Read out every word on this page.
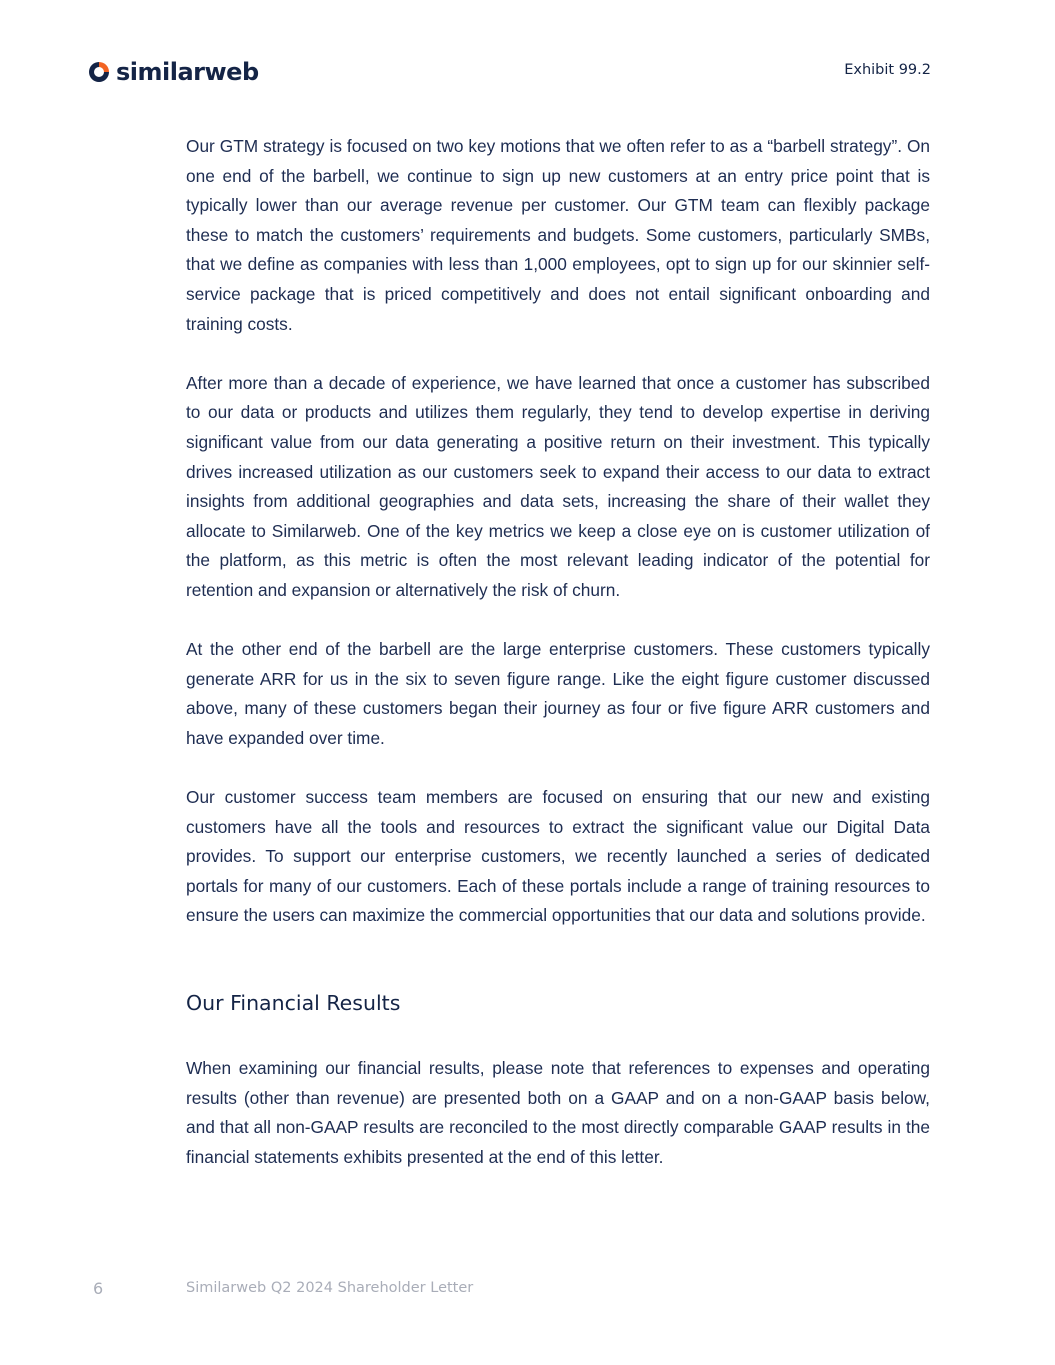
similarweb	Exhibit 99.2

Our GTM strategy is focused on two key motions that we often refer to as a “barbell strategy”. On one end of the barbell, we continue to sign up new customers at an entry price point that is typically lower than our average revenue per customer. Our GTM team can flexibly package these to match the customers’ requirements and budgets. Some customers, particularly SMBs, that we define as companies with less than 1,000 employees, opt to sign up for our skinnier self-service package that is priced competitively and does not entail significant onboarding and training costs.

After more than a decade of experience, we have learned that once a customer has subscribed to our data or products and utilizes them regularly, they tend to develop expertise in deriving significant value from our data generating a positive return on their investment. This typically drives increased utilization as our customers seek to expand their access to our data to extract insights from additional geographies and data sets, increasing the share of their wallet they allocate to Similarweb. One of the key metrics we keep a close eye on is customer utilization of the platform, as this metric is often the most relevant leading indicator of the potential for retention and expansion or alternatively the risk of churn.

At the other end of the barbell are the large enterprise customers. These customers typically generate ARR for us in the six to seven figure range. Like the eight figure customer discussed above, many of these customers began their journey as four or five figure ARR customers and have expanded over time.

Our customer success team members are focused on ensuring that our new and existing customers have all the tools and resources to extract the significant value our Digital Data provides. To support our enterprise customers, we recently launched a series of dedicated portals for many of our customers. Each of these portals include a range of training resources to ensure the users can maximize the commercial opportunities that our data and solutions provide.

Our Financial Results

When examining our financial results, please note that references to expenses and operating results (other than revenue) are presented both on a GAAP and on a non-GAAP basis below, and that all non-GAAP results are reconciled to the most directly comparable GAAP results in the financial statements exhibits presented at the end of this letter.

6	Similarweb Q2 2024 Shareholder Letter
